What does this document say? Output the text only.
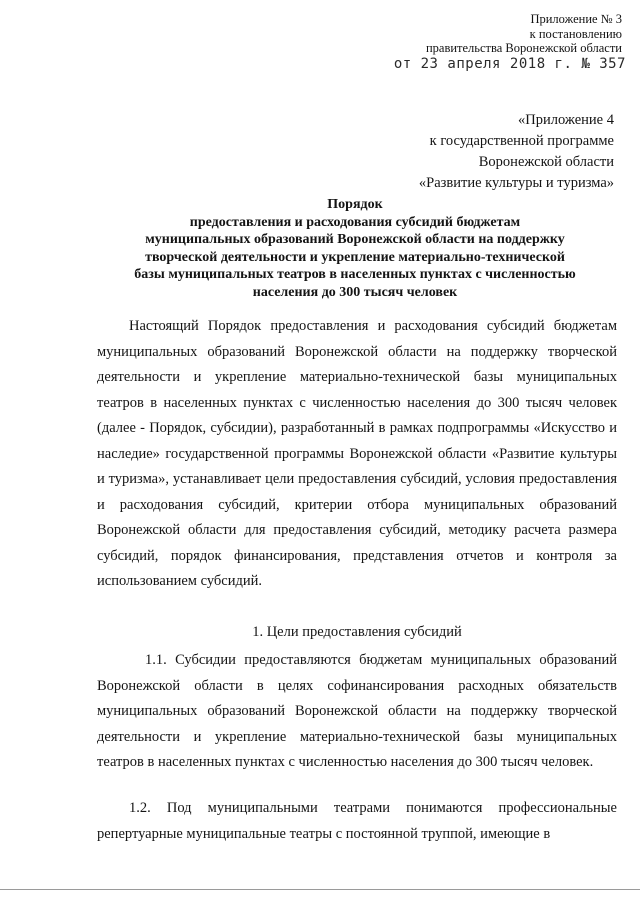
Приложение № 3
к постановлению
правительства Воронежской области
от 23 апреля 2018 г. № 357
«Приложение 4
к государственной программе
Воронежской области
«Развитие культуры и туризма»
Порядок
предоставления и расходования субсидий бюджетам
муниципальных образований Воронежской области на поддержку
творческой деятельности и укрепление материально-технической
базы муниципальных театров в населенных пунктах с численностью
населения до 300 тысяч человек

Настоящий Порядок предоставления и расходования субсидий бюджетам муниципальных образований Воронежской области на поддержку творческой деятельности и укрепление материально-технической базы муниципальных театров в населенных пунктах с численностью населения до 300 тысяч человек (далее - Порядок, субсидии), разработанный в рамках подпрограммы «Искусство и наследие» государственной программы Воронежской области «Развитие культуры и туризма», устанавливает цели предоставления субсидий, условия предоставления и расходования субсидий, критерии отбора муниципальных образований Воронежской области для предоставления субсидий, методику расчета размера субсидий, порядок финансирования, представления отчетов и контроля за использованием субсидий.

1. Цели предоставления субсидий

1.1. Субсидии предоставляются бюджетам муниципальных образований Воронежской области в целях софинансирования расходных обязательств муниципальных образований Воронежской области на поддержку творческой деятельности и укрепление материально-технической базы муниципальных театров в населенных пунктах с численностью населения до 300 тысяч человек.

1.2. Под муниципальными театрами понимаются профессиональные репертуарные муниципальные театры с постоянной труппой, имеющие в
